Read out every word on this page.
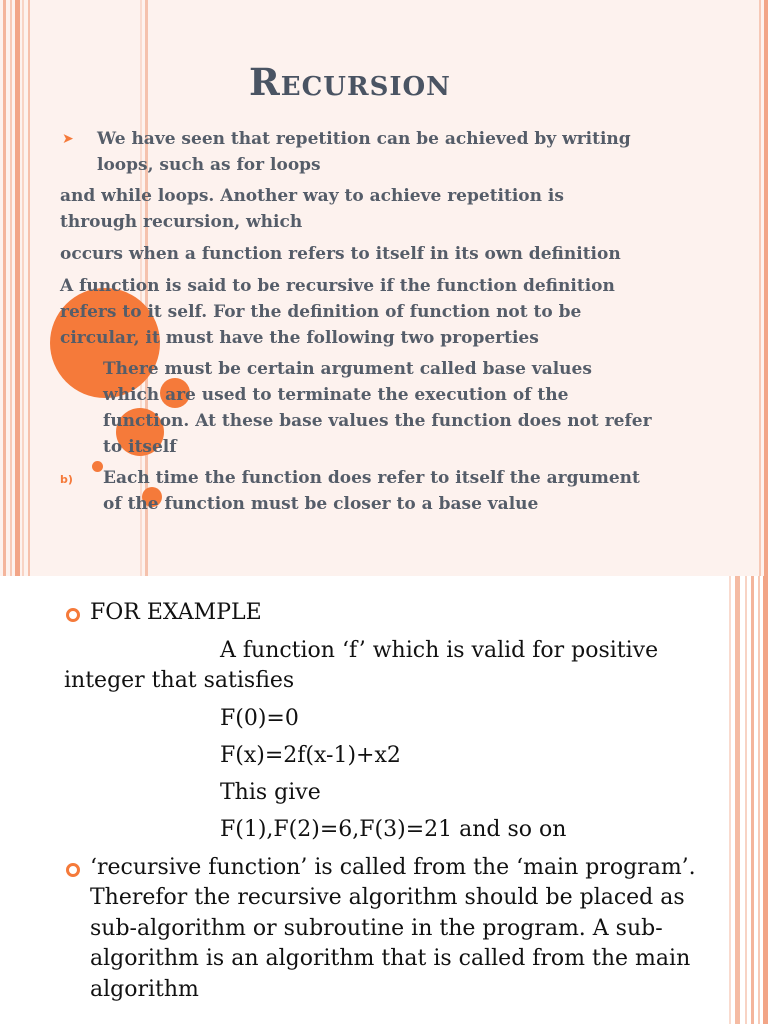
Recursion
➤ We have seen that repetition can be achieved by writing
loops, such as for loops
and while loops. Another way to achieve repetition is
through recursion, which
occurs when a function refers to itself in its own definition
A function is said to be recursive if the function definition
refers to it self. For the definition of function not to be
circular, it must have the following two properties
There must be certain argument called base values
which are used to terminate the execution of the
function. At these base values the function does not refer
to itself
b) Each time the function does refer to itself the argument
of the function must be closer to a base value
FOR EXAMPLE
A function ‘f’ which is valid for positive
integer that satisfies
F(0)=0
F(x)=2f(x-1)+x2
This give
F(1),F(2)=6,F(3)=21 and so on
‘recursive function’ is called from the ‘main program’.
Therefor the recursive algorithm should be placed as
sub-algorithm or subroutine in the program. A sub-
algorithm is an algorithm that is called from the main
algorithm
